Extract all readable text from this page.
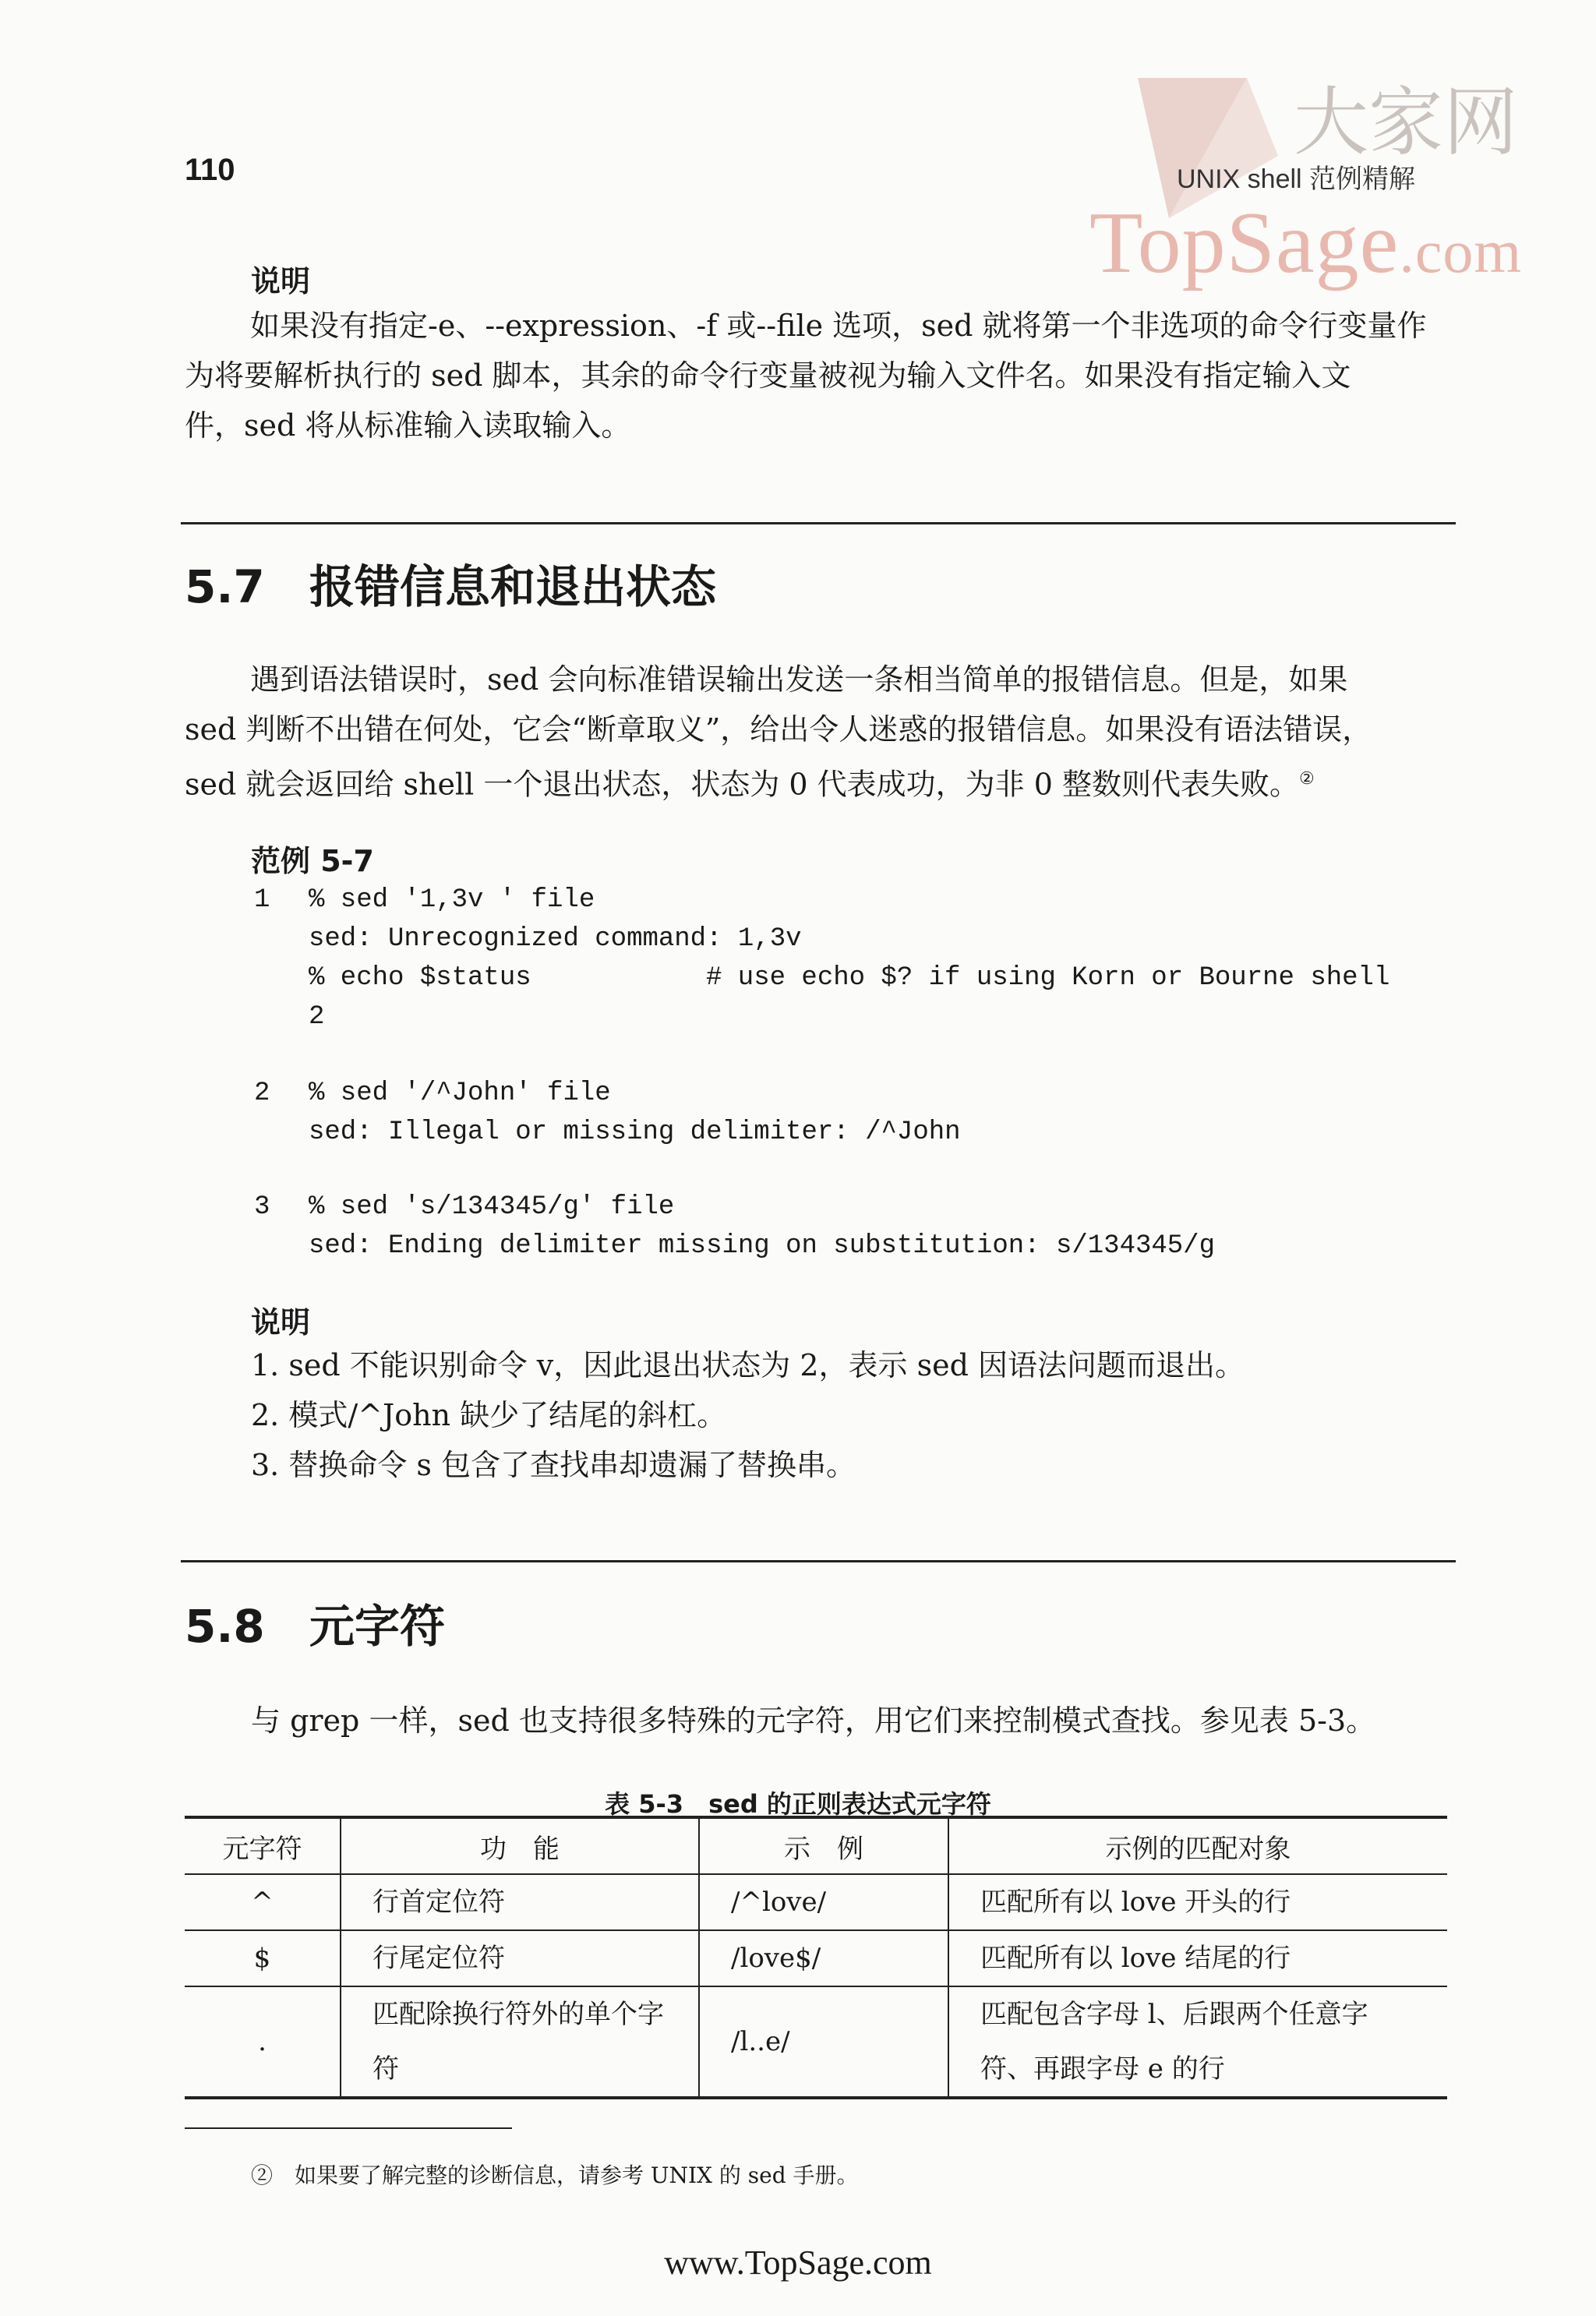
110
大家网
UNIX shell 范例精解
TopSage.com
说明
如果没有指定-e、--expression、-f 或--file 选项，sed 就将第一个非选项的命令行变量作
为将要解析执行的 sed 脚本，其余的命令行变量被视为输入文件名。如果没有指定输入文
件，sed 将从标准输入读取输入。
5.7 报错信息和退出状态
遇到语法错误时，sed 会向标准错误输出发送一条相当简单的报错信息。但是，如果
sed 判断不出错在何处，它会“断章取义”，给出令人迷惑的报错信息。如果没有语法错误，
sed 就会返回给 shell 一个退出状态，状态为 0 代表成功，为非 0 整数则代表失败。②
范例 5-7
1 % sed '1,3v ' file
sed: Unrecognized command: 1,3v
% echo $status	# use echo $? if using Korn or Bourne shell
2
2 % sed '/^John' file
sed: Illegal or missing delimiter: /^John
3 % sed 's/134345/g' file
sed: Ending delimiter missing on substitution: s/134345/g
说明
1. sed 不能识别命令 v，因此退出状态为 2，表示 sed 因语法问题而退出。
2. 模式/^John 缺少了结尾的斜杠。
3. 替换命令 s 包含了查找串却遗漏了替换串。
5.8 元字符
与 grep 一样，sed 也支持很多特殊的元字符，用它们来控制模式查找。参见表 5-3。
表 5-3　sed 的正则表达式元字符
元字符	功　能	示　例	示例的匹配对象
^	行首定位符	/^love/	匹配所有以 love 开头的行
$	行尾定位符	/love$/	匹配所有以 love 结尾的行
.	匹配除换行符外的单个字符	/l..e/	匹配包含字母 l、后跟两个任意字符、再跟字母 e 的行
②　如果要了解完整的诊断信息，请参考 UNIX 的 sed 手册。
www.TopSage.com
